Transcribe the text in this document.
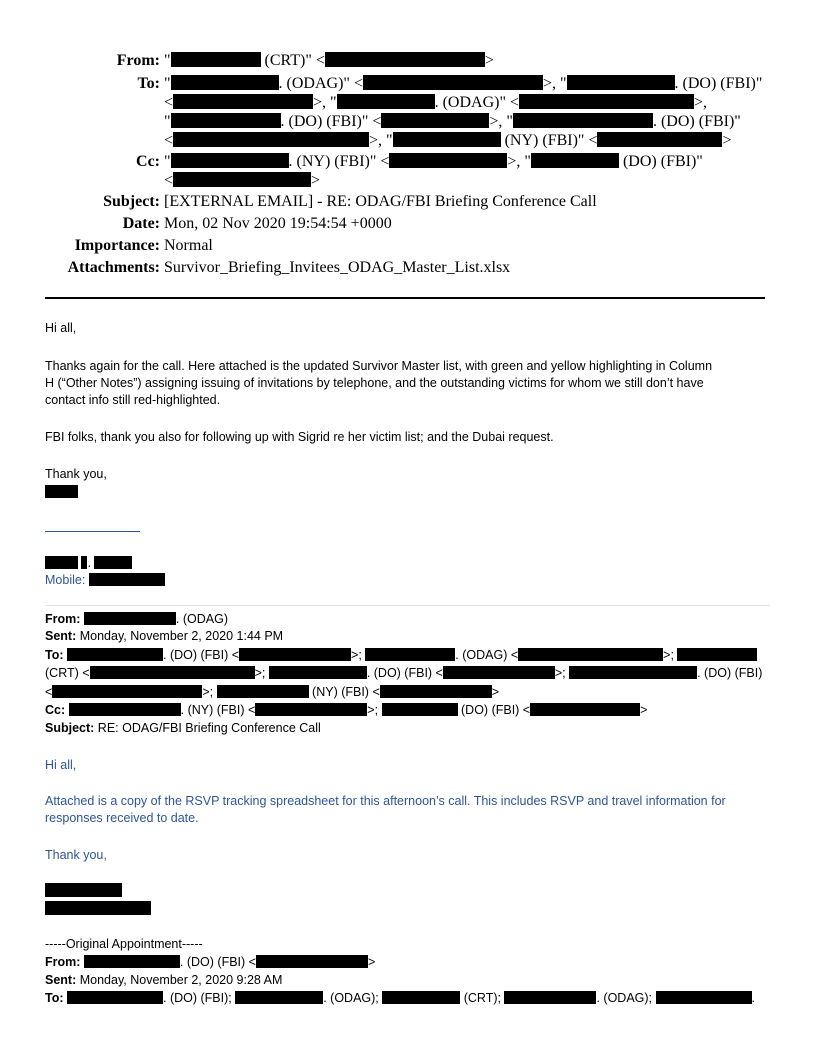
From: "	(CRT)" <	>
To: "	. (ODAG)" <	>, "	. (DO) (FBI)"
<	>, "	. (ODAG)" <	>,
"	. (DO) (FBI)" <	>, "	. (DO) (FBI)"
<	>, "	(NY) (FBI)" <	>
Cc: "	. (NY) (FBI)" <	>, "	(DO) (FBI)"
<	>
Subject: [EXTERNAL EMAIL] - RE: ODAG/FBI Briefing Conference Call
Date: Mon, 02 Nov 2020 19:54:54 +0000
Importance: Normal
Attachments: Survivor_Briefing_Invitees_ODAG_Master_List.xlsx
Hi all,
Thanks again for the call. Here attached is the updated Survivor Master list, with green and yellow highlighting in Column
H (“Other Notes”) assigning issuing of invitations by telephone, and the outstanding victims for whom we still don’t have
contact info still red-highlighted.
FBI folks, thank you also for following up with Sigrid re her victim list; and the Dubai request.
Thank you,
.
Mobile:
From:	. (ODAG)
Sent: Monday, November 2, 2020 1:44 PM
To:	. (DO) (FBI) <	>;	. (ODAG) <	>;
(CRT) <	>;	. (DO) (FBI) <	>;	. (DO) (FBI)
<	>;	(NY) (FBI) <	>
Cc:	. (NY) (FBI) <	>;	(DO) (FBI) <	>
Subject: RE: ODAG/FBI Briefing Conference Call
Hi all,
Attached is a copy of the RSVP tracking spreadsheet for this afternoon’s call. This includes RSVP and travel information for
responses received to date.
Thank you,
-----Original Appointment-----
From:	. (DO) (FBI) <	>
Sent: Monday, November 2, 2020 9:28 AM
To:	. (DO) (FBI);	. (ODAG);	(CRT);	. (ODAG);	.
